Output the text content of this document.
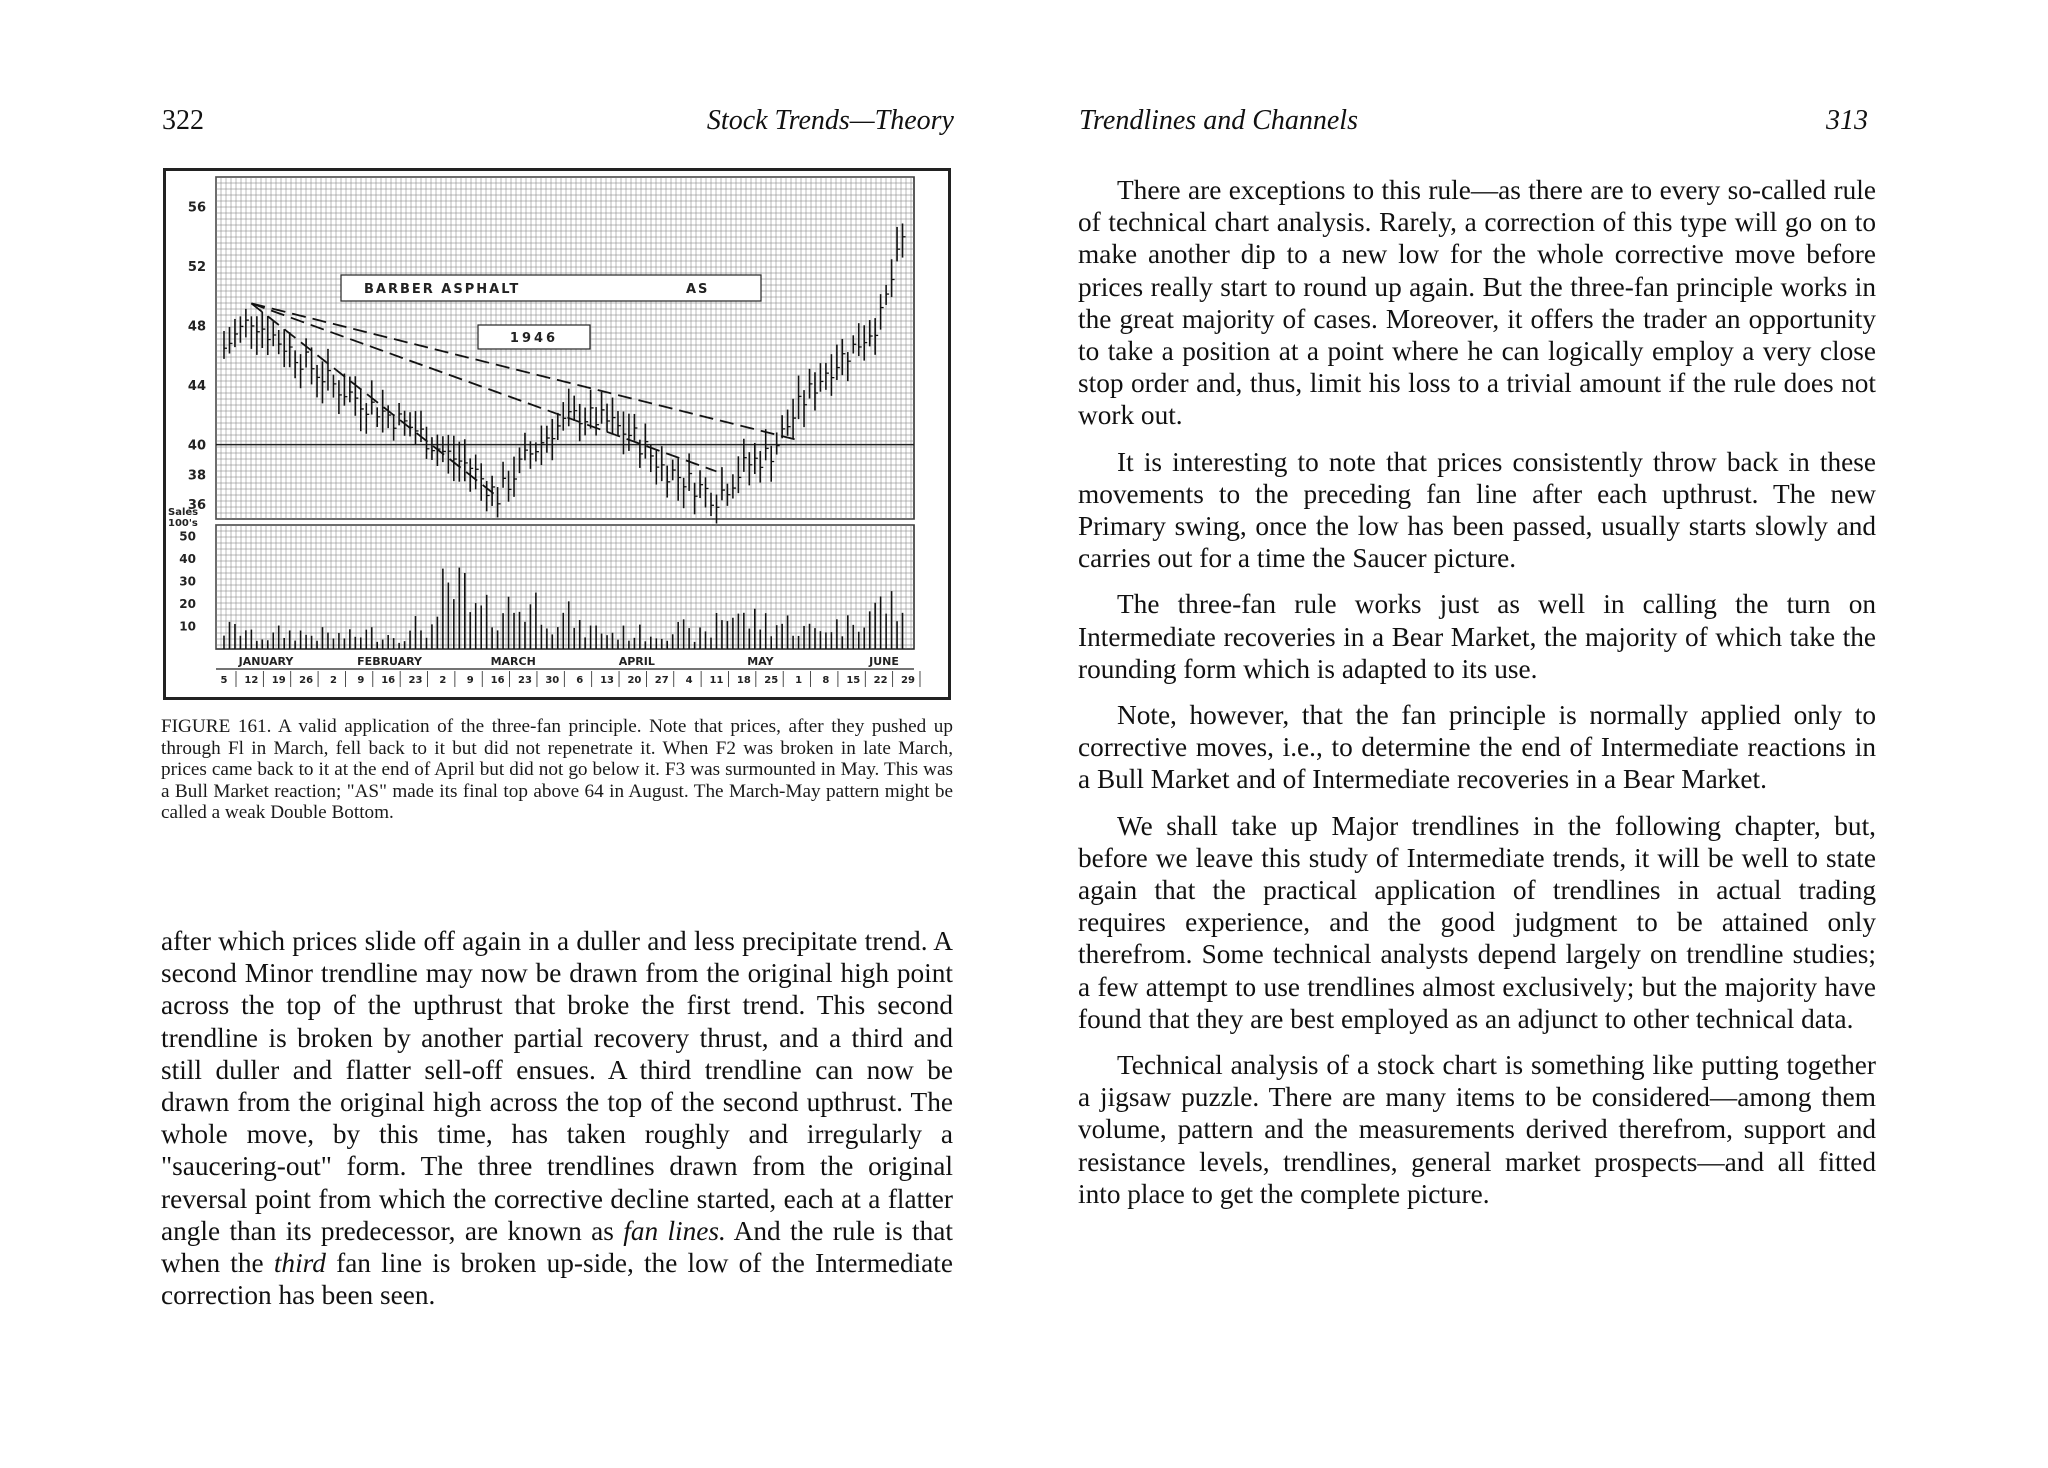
322	Stock Trends—Theory
56
52
48
44
40
38
36
Sales
100's
50
40
30
20
10
BARBER ASPHALT	AS
1946
JANUARY	FEBRUARY	MARCH	APRIL	MAY	JUNE
5 12 19 26 2 9 16 23 2 9 16 23 30 6 13 20 27 4 11 18 25 1 8 15 22 29

FIGURE 161. A valid application of the three-fan principle. Note that prices, after they pushed up through Fl in March, fell back to it but did not repenetrate it. When F2 was broken in late March, prices came back to it at the end of April but did not go below it. F3 was surmounted in May. This was a Bull Market reaction; "AS" made its final top above 64 in August. The March-May pattern might be called a weak Double Bottom.

after which prices slide off again in a duller and less precipitate trend. A second Minor trendline may now be drawn from the original high point across the top of the upthrust that broke the first trend. This second trendline is broken by another partial recovery thrust, and a third and still duller and flatter sell-off ensues. A third trendline can now be drawn from the original high across the top of the second upthrust. The whole move, by this time, has taken roughly and irregularly a "saucering-out" form. The three trendlines drawn from the original reversal point from which the corrective decline started, each at a flatter angle than its predecessor, are known as fan lines. And the rule is that when the third fan line is broken up-side, the low of the Intermediate correction has been seen.

Trendlines and Channels	313

There are exceptions to this rule—as there are to every so-called rule of technical chart analysis. Rarely, a correction of this type will go on to make another dip to a new low for the whole corrective move before prices really start to round up again. But the three-fan principle works in the great majority of cases. Moreover, it offers the trader an opportunity to take a position at a point where he can logically employ a very close stop order and, thus, limit his loss to a trivial amount if the rule does not work out.

It is interesting to note that prices consistently throw back in these movements to the preceding fan line after each upthrust. The new Primary swing, once the low has been passed, usually starts slowly and carries out for a time the Saucer picture.

The three-fan rule works just as well in calling the turn on Intermediate recoveries in a Bear Market, the majority of which take the rounding form which is adapted to its use.

Note, however, that the fan principle is normally applied only to corrective moves, i.e., to determine the end of Intermediate reactions in a Bull Market and of Intermediate recoveries in a Bear Market.

We shall take up Major trendlines in the following chapter, but, before we leave this study of Intermediate trends, it will be well to state again that the practical application of trendlines in actual trading requires experience, and the good judgment to be attained only therefrom. Some technical analysts depend largely on trendline studies; a few attempt to use trendlines almost exclusively; but the majority have found that they are best employed as an adjunct to other technical data.

Technical analysis of a stock chart is something like putting together a jigsaw puzzle. There are many items to be considered—among them volume, pattern and the measurements derived therefrom, support and resistance levels, trendlines, general market prospects—and all fitted into place to get the complete picture.
